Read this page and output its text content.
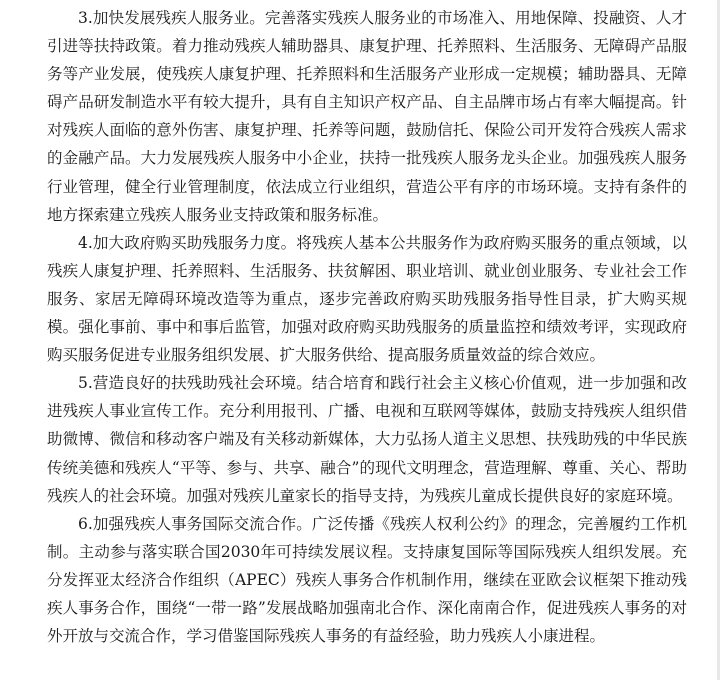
3.加快发展残疾人服务业。完善落实残疾人服务业的市场准入、用地保障、投融资、人才引进等扶持政策。着力推动残疾人辅助器具、康复护理、托养照料、生活服务、无障碍产品服务等产业发展，使残疾人康复护理、托养照料和生活服务产业形成一定规模；辅助器具、无障碍产品研发制造水平有较大提升，具有自主知识产权产品、自主品牌市场占有率大幅提高。针对残疾人面临的意外伤害、康复护理、托养等问题，鼓励信托、保险公司开发符合残疾人需求的金融产品。大力发展残疾人服务中小企业，扶持一批残疾人服务龙头企业。加强残疾人服务行业管理，健全行业管理制度，依法成立行业组织，营造公平有序的市场环境。支持有条件的地方探索建立残疾人服务业支持政策和服务标准。

4.加大政府购买助残服务力度。将残疾人基本公共服务作为政府购买服务的重点领域，以残疾人康复护理、托养照料、生活服务、扶贫解困、职业培训、就业创业服务、专业社会工作服务、家居无障碍环境改造等为重点，逐步完善政府购买助残服务指导性目录，扩大购买规模。强化事前、事中和事后监管，加强对政府购买助残服务的质量监控和绩效考评，实现政府购买服务促进专业服务组织发展、扩大服务供给、提高服务质量效益的综合效应。

5.营造良好的扶残助残社会环境。结合培育和践行社会主义核心价值观，进一步加强和改进残疾人事业宣传工作。充分利用报刊、广播、电视和互联网等媒体，鼓励支持残疾人组织借助微博、微信和移动客户端及有关移动新媒体，大力弘扬人道主义思想、扶残助残的中华民族传统美德和残疾人“平等、参与、共享、融合”的现代文明理念，营造理解、尊重、关心、帮助残疾人的社会环境。加强对残疾儿童家长的指导支持，为残疾儿童成长提供良好的家庭环境。

6.加强残疾人事务国际交流合作。广泛传播《残疾人权利公约》的理念，完善履约工作机制。主动参与落实联合国2030年可持续发展议程。支持康复国际等国际残疾人组织发展。充分发挥亚太经济合作组织（APEC）残疾人事务合作机制作用，继续在亚欧会议框架下推动残疾人事务合作，围绕“一带一路”发展战略加强南北合作、深化南南合作，促进残疾人事务的对外开放与交流合作，学习借鉴国际残疾人事务的有益经验，助力残疾人小康进程。
